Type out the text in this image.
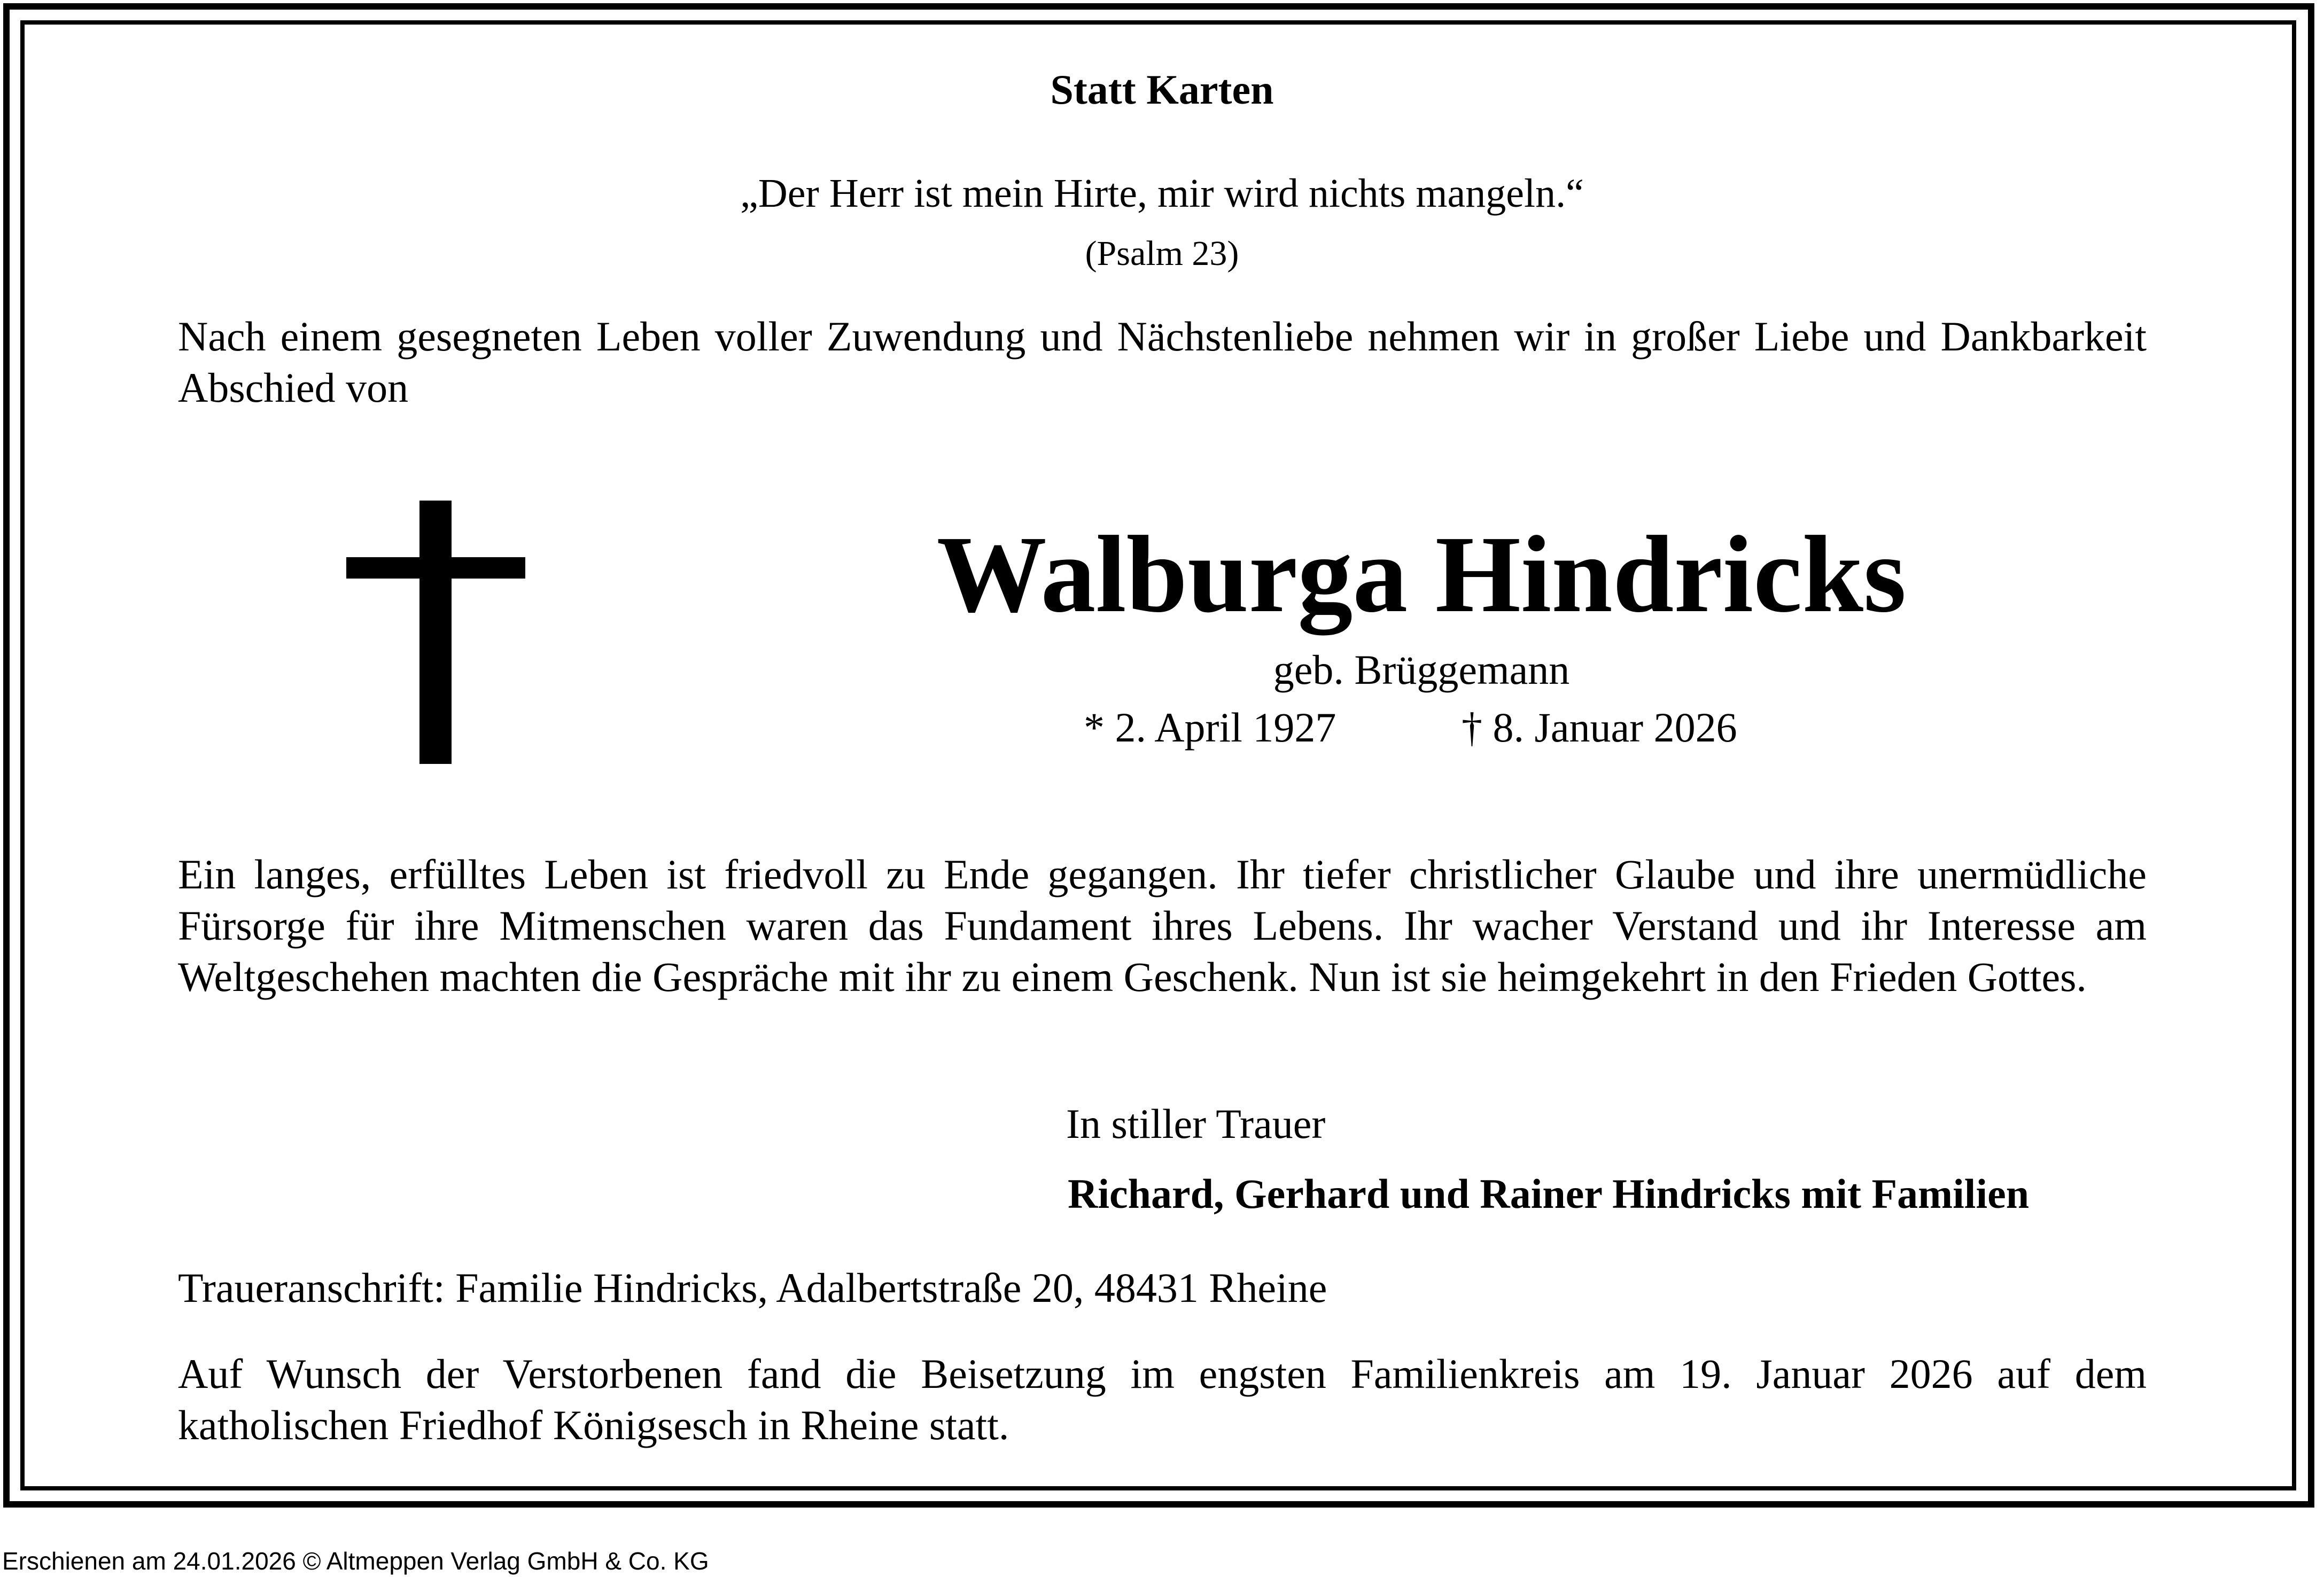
Statt Karten
„Der Herr ist mein Hirte, mir wird nichts mangeln.“
(Psalm 23)
Nach einem gesegneten Leben voller Zuwendung und Nächstenliebe nehmen wir in großer Liebe und Dankbarkeit Abschied von
Walburga Hindricks
geb. Brüggemann
* 2. April 1927	† 8. Januar 2026
Ein langes, erfülltes Leben ist friedvoll zu Ende gegangen. Ihr tiefer christlicher Glaube und ihre unermüdliche Fürsorge für ihre Mitmenschen waren das Fundament ihres Lebens. Ihr wacher Verstand und ihr Interesse am Weltgeschehen machten die Gespräche mit ihr zu einem Geschenk. Nun ist sie heimgekehrt in den Frieden Gottes.
In stiller Trauer
Richard, Gerhard und Rainer Hindricks mit Familien
Traueranschrift: Familie Hindricks, Adalbertstraße 20, 48431 Rheine
Auf Wunsch der Verstorbenen fand die Beisetzung im engsten Familienkreis am 19. Januar 2026 auf dem katholischen Friedhof Königsesch in Rheine statt.
Erschienen am 24.01.2026 © Altmeppen Verlag GmbH & Co. KG
